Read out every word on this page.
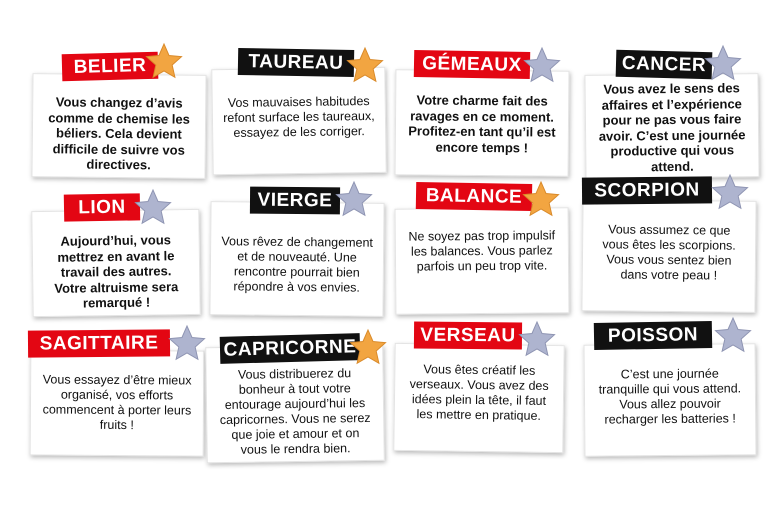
Vous changez d’avis comme de chemise les béliers. Cela devient difficile de suivre vos directives.

BELIER

Vos mauvaises habitudes refont surface les taureaux, essayez de les corriger.

TAUREAU

Votre charme fait des ravages en ce moment. Profitez-en tant qu’il est encore temps !

GÉMEAUX

Vous avez le sens des affaires et l’expérience pour ne pas vous faire avoir. C’est une journée productive qui vous attend.

CANCER

Aujourd’hui, vous mettrez en avant le travail des autres. Votre altruisme sera remarqué !

LION

Vous rêvez de changement et de nouveauté. Une rencontre pourrait bien répondre à vos envies.

VIERGE

Ne soyez pas trop impulsif les balances. Vous parlez parfois un peu trop vite.

BALANCE

Vous assumez ce que vous êtes les scorpions. Vous vous sentez bien dans votre peau !

SCORPION

Vous essayez d’être mieux organisé, vos efforts commencent à porter leurs fruits !

SAGITTAIRE

Vous distribuerez du bonheur à tout votre entourage aujourd’hui les capricornes. Vous ne serez que joie et amour et on vous le rendra bien.

CAPRICORNE

Vous êtes créatif les verseaux. Vous avez des idées plein la tête, il faut les mettre en pratique.

VERSEAU

C’est une journée tranquille qui vous attend. Vous allez pouvoir recharger les batteries !

POISSON
